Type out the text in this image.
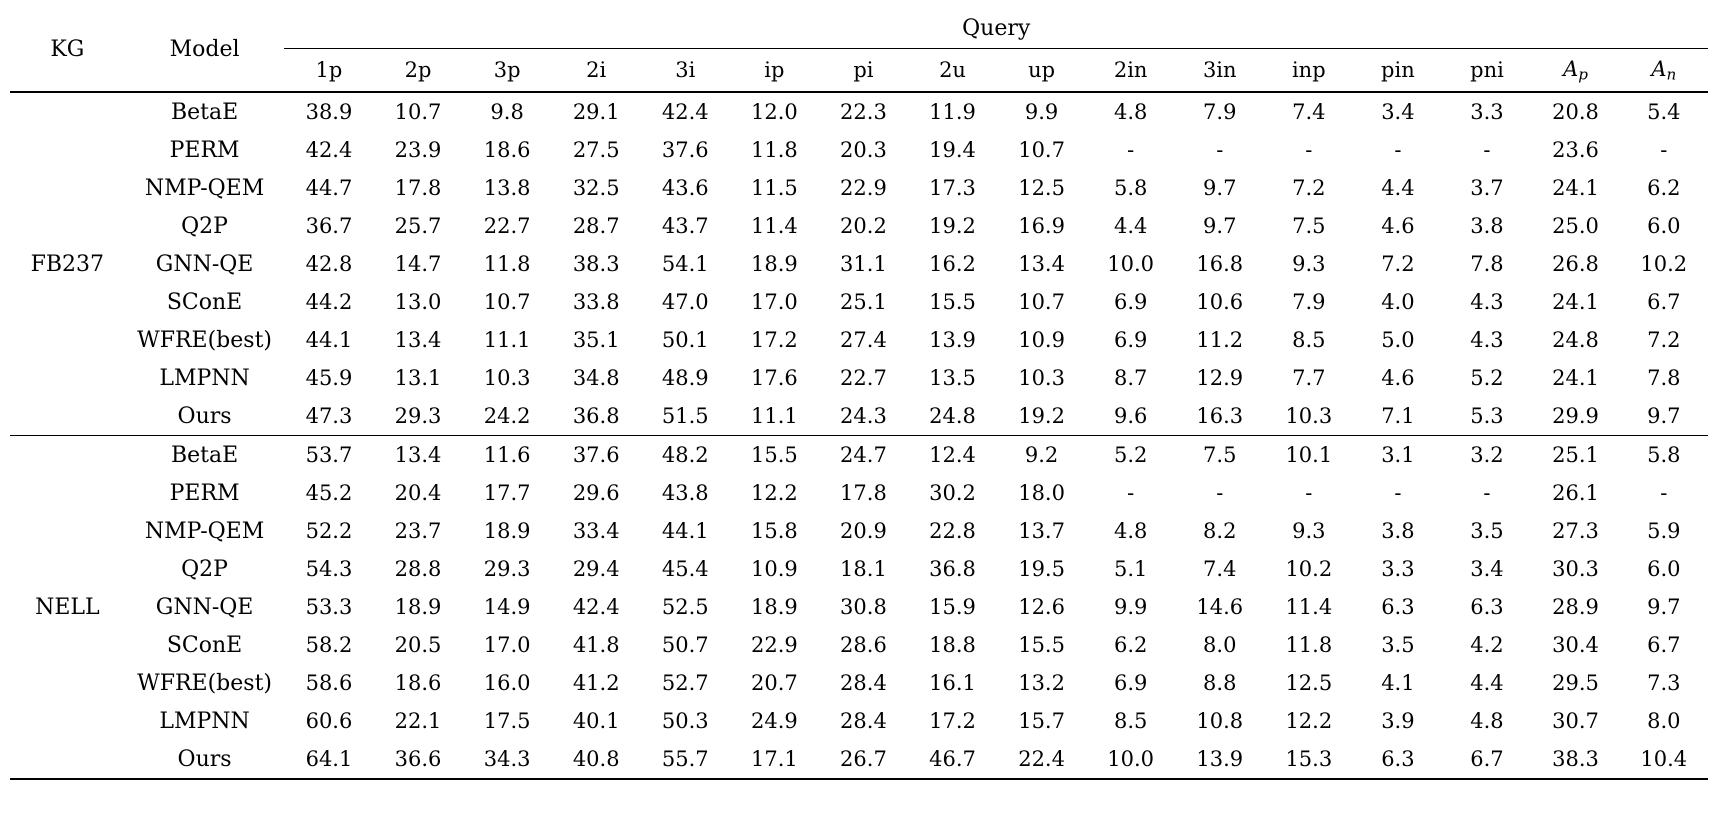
KG	Model	Query															
		1p	2p	3p	2i	3i	ip	pi	2u	up	2in	3in	inp	pin	pni	$A_p$	$A_n$
FB237	BetaE	38.9	10.7	9.8	29.1	42.4	12.0	22.3	11.9	9.9	4.8	7.9	7.4	3.4	3.3	20.8	5.4
	PERM	42.4	23.9	18.6	27.5	37.6	11.8	20.3	19.4	10.7	-	-	-	-	-	23.6	-
	NMP-QEM	44.7	17.8	13.8	32.5	43.6	11.5	22.9	17.3	12.5	5.8	9.7	7.2	4.4	3.7	24.1	6.2
	Q2P	36.7	25.7	22.7	28.7	43.7	11.4	20.2	19.2	16.9	4.4	9.7	7.5	4.6	3.8	25.0	6.0
	GNN-QE	42.8	14.7	11.8	38.3	54.1	18.9	31.1	16.2	13.4	10.0	16.8	9.3	7.2	7.8	26.8	10.2
	SConE	44.2	13.0	10.7	33.8	47.0	17.0	25.1	15.5	10.7	6.9	10.6	7.9	4.0	4.3	24.1	6.7
	WFRE(best)	44.1	13.4	11.1	35.1	50.1	17.2	27.4	13.9	10.9	6.9	11.2	8.5	5.0	4.3	24.8	7.2
	LMPNN	45.9	13.1	10.3	34.8	48.9	17.6	22.7	13.5	10.3	8.7	12.9	7.7	4.6	5.2	24.1	7.8
	Ours	47.3	29.3	24.2	36.8	51.5	11.1	24.3	24.8	19.2	9.6	16.3	10.3	7.1	5.3	29.9	9.7
NELL	BetaE	53.7	13.4	11.6	37.6	48.2	15.5	24.7	12.4	9.2	5.2	7.5	10.1	3.1	3.2	25.1	5.8
	PERM	45.2	20.4	17.7	29.6	43.8	12.2	17.8	30.2	18.0	-	-	-	-	-	26.1	-
	NMP-QEM	52.2	23.7	18.9	33.4	44.1	15.8	20.9	22.8	13.7	4.8	8.2	9.3	3.8	3.5	27.3	5.9
	Q2P	54.3	28.8	29.3	29.4	45.4	10.9	18.1	36.8	19.5	5.1	7.4	10.2	3.3	3.4	30.3	6.0
	GNN-QE	53.3	18.9	14.9	42.4	52.5	18.9	30.8	15.9	12.6	9.9	14.6	11.4	6.3	6.3	28.9	9.7
	SConE	58.2	20.5	17.0	41.8	50.7	22.9	28.6	18.8	15.5	6.2	8.0	11.8	3.5	4.2	30.4	6.7
	WFRE(best)	58.6	18.6	16.0	41.2	52.7	20.7	28.4	16.1	13.2	6.9	8.8	12.5	4.1	4.4	29.5	7.3
	LMPNN	60.6	22.1	17.5	40.1	50.3	24.9	28.4	17.2	15.7	8.5	10.8	12.2	3.9	4.8	30.7	8.0
	Ours	64.1	36.6	34.3	40.8	55.7	17.1	26.7	46.7	22.4	10.0	13.9	15.3	6.3	6.7	38.3	10.4
